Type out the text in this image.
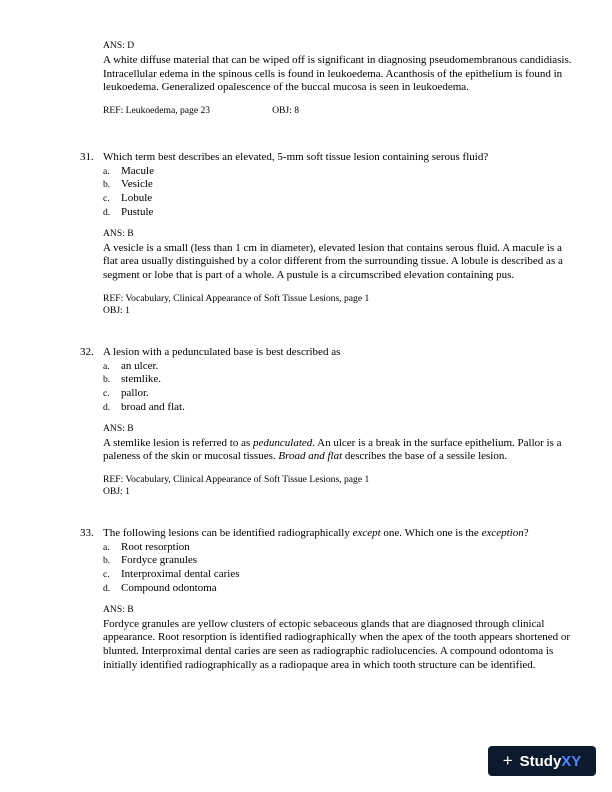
ANS: D
A white diffuse material that can be wiped off is significant in diagnosing pseudomembranous candidiasis. Intracellular edema in the spinous cells is found in leukoedema. Acanthosis of the epithelium is found in leukoedema. Generalized opalescence of the buccal mucosa is seen in leukoedema.
REF: Leukoedema, page 23	OBJ: 8
31. Which term best describes an elevated, 5-mm soft tissue lesion containing serous fluid?
a.	Macule
b. Vesicle
c.	Lobule
d. Pustule
ANS: B
A vesicle is a small (less than 1 cm in diameter), elevated lesion that contains serous fluid. A macule is a flat area usually distinguished by a color different from the surrounding tissue. A lobule is described as a segment or lobe that is part of a whole. A pustule is a circumscribed elevation containing pus.
REF: Vocabulary, Clinical Appearance of Soft Tissue Lesions, page 1
OBJ: 1
32. A lesion with a pedunculated base is best described as
a.	an ulcer.
b. stemlike.
c.	pallor.
d. broad and flat.
ANS: B
A stemlike lesion is referred to as pedunculated. An ulcer is a break in the surface epithelium. Pallor is a paleness of the skin or mucosal tissues. Broad and flat describes the base of a sessile lesion.
REF: Vocabulary, Clinical Appearance of Soft Tissue Lesions, page 1
OBJ: 1
33. The following lesions can be identified radiographically except one. Which one is the exception?
a.	Root resorption
b. Fordyce granules
c.	Interproximal dental caries
d. Compound odontoma
ANS: B
Fordyce granules are yellow clusters of ectopic sebaceous glands that are diagnosed through clinical appearance. Root resorption is identified radiographically when the apex of the tooth appears shortened or blunted. Interproximal dental caries are seen as radiographic radiolucencies. A compound odontoma is initially identified radiographically as a radiopaque area in which tooth structure can be identified.
+ StudyXY
